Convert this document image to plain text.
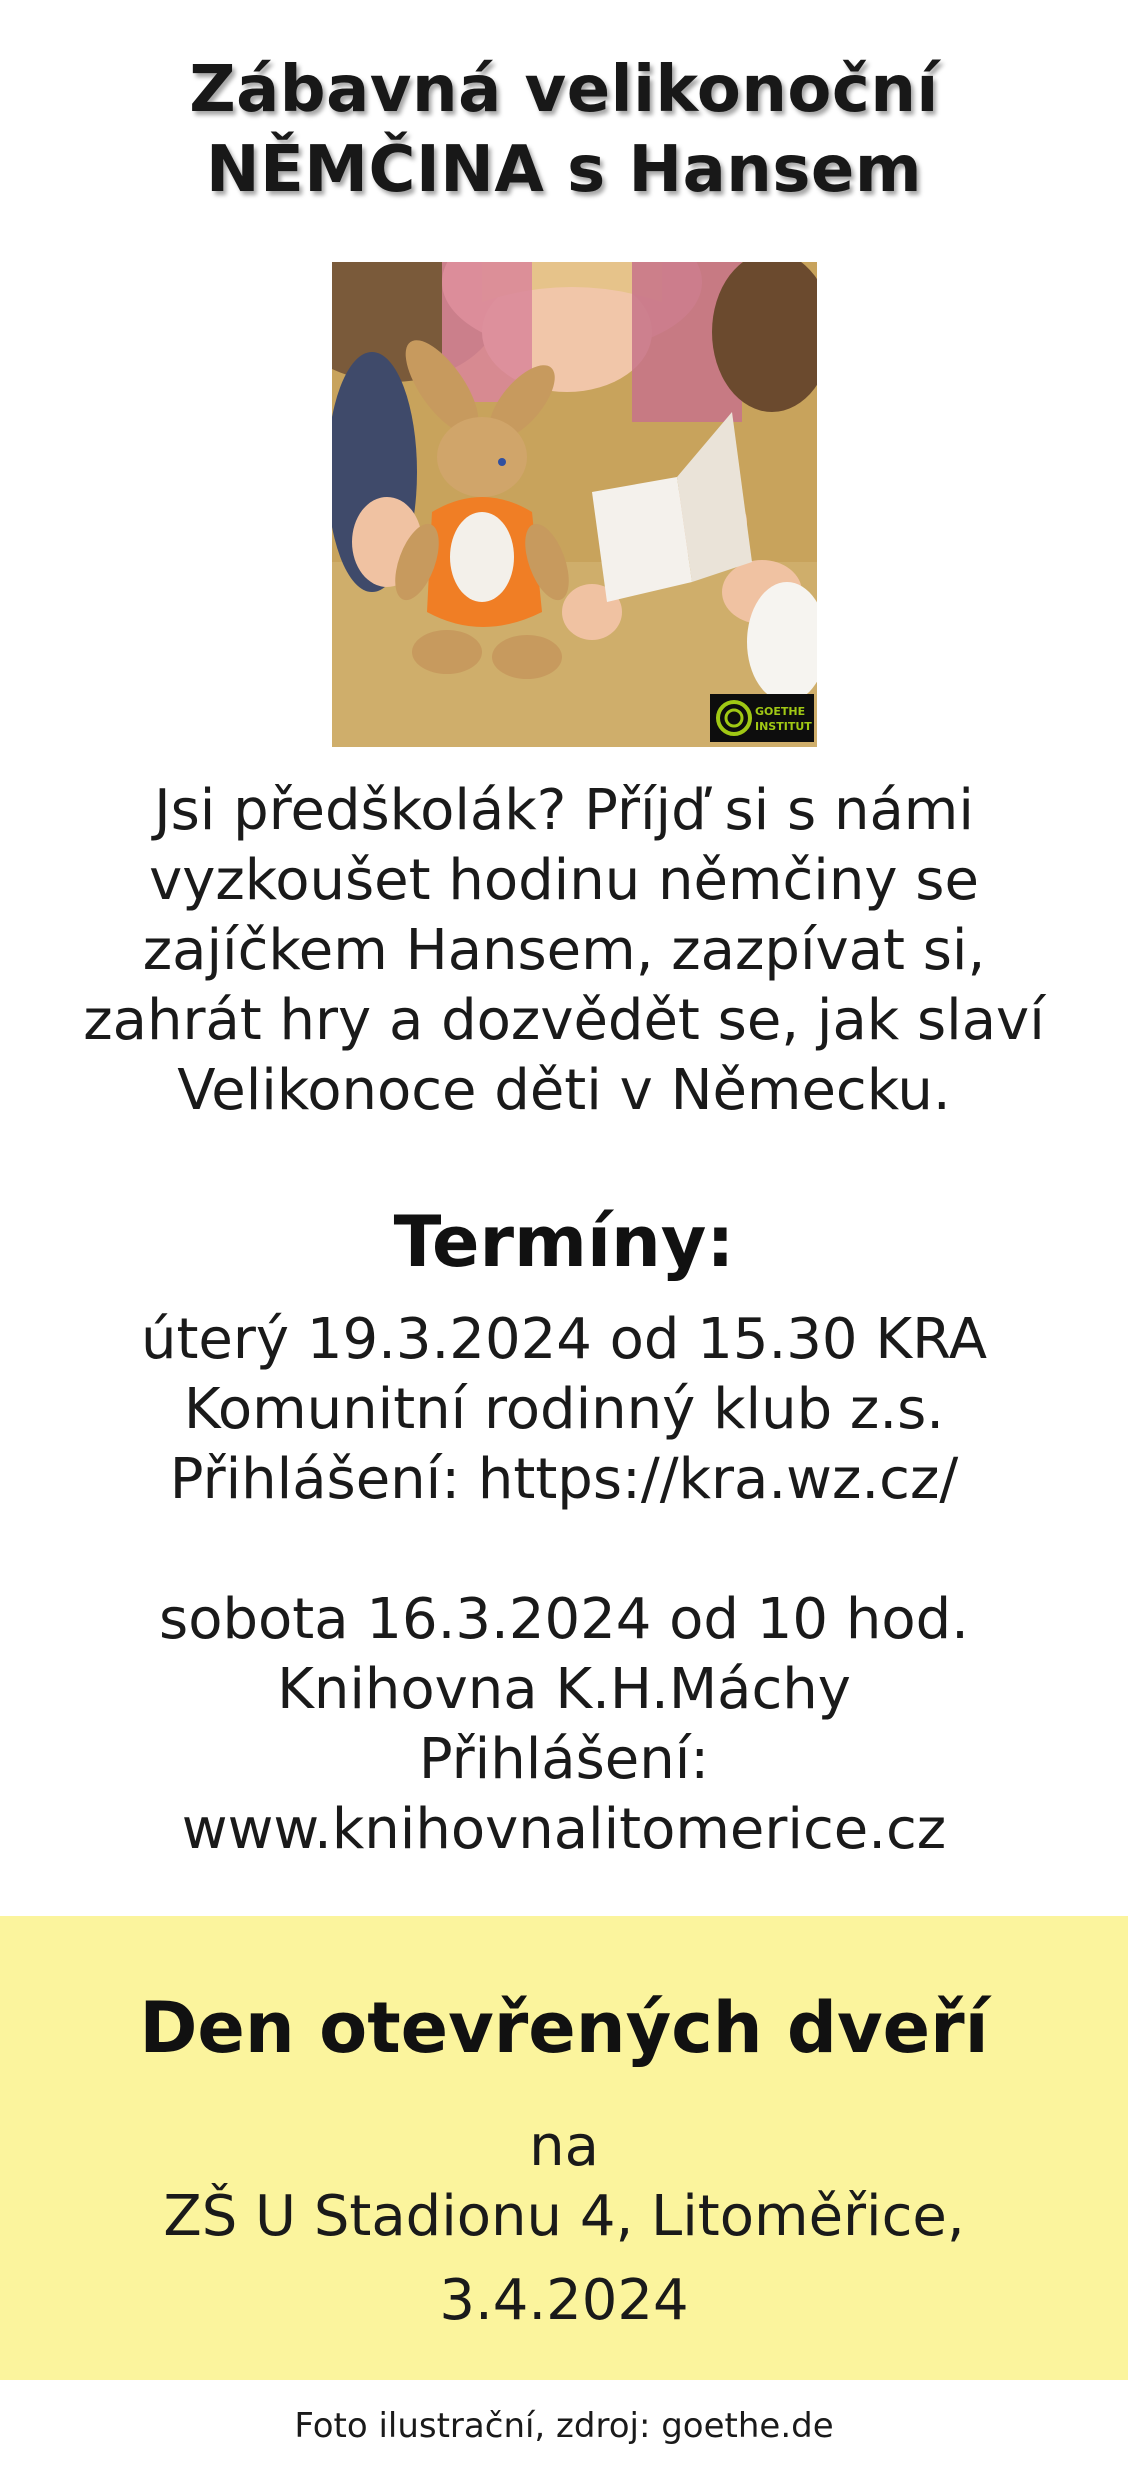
Zábavná velikonoční
NĚMČINA s Hansem
GOETHE
INSTITUT

Jsi předškolák? Příjď si s námi
vyzkoušet hodinu němčiny se
zajíčkem Hansem, zazpívat si,
zahrát hry a dozvědět se, jak slaví
Velikonoce děti v Německu.

Termíny:
úterý 19.3.2024 od 15.30 KRA
Komunitní rodinný klub z.s.
Přihlášení: https://kra.wz.cz/
sobota 16.3.2024 od 10 hod.
Knihovna K.H.Máchy
Přihlášení:
www.knihovnalitomerice.cz
Den otevřených dveří
na
ZŠ U Stadionu 4, Litoměřice,
3.4.2024
Foto ilustrační, zdroj: goethe.de
